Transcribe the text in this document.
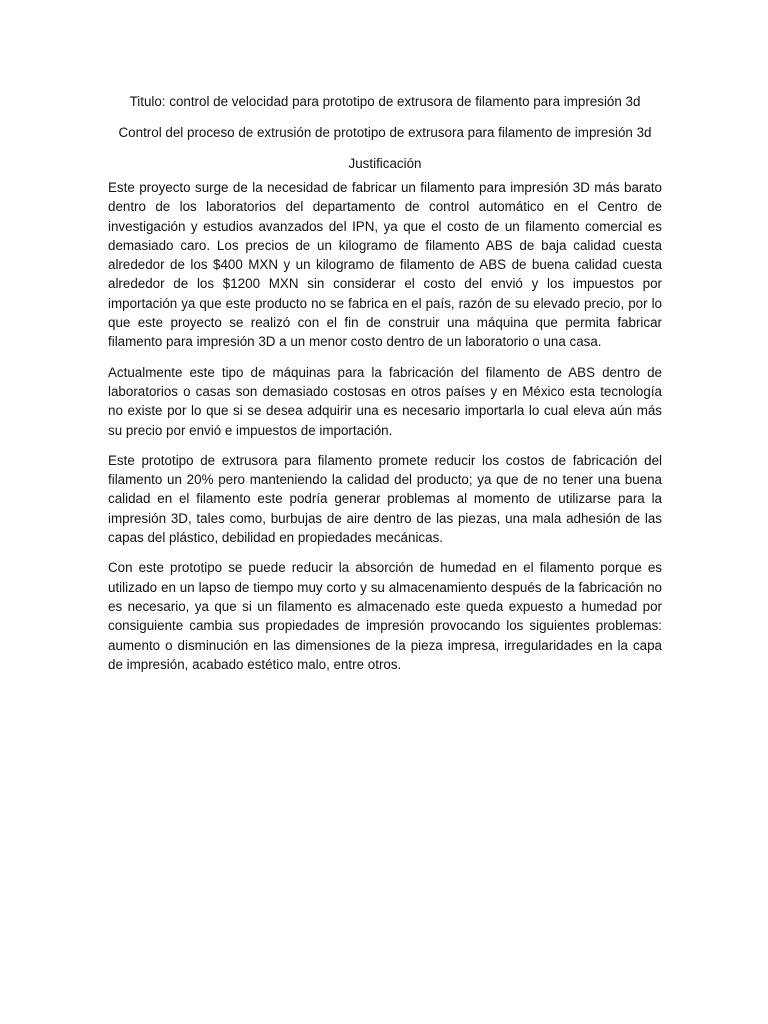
Titulo: control de velocidad para prototipo de extrusora de filamento para impresión 3d

Control del proceso de extrusión de prototipo de extrusora para filamento de impresión 3d

Justificación

Este proyecto surge de la necesidad de fabricar un filamento para impresión 3D más barato dentro de los laboratorios del departamento de control automático en el Centro de investigación y estudios avanzados del IPN, ya que el costo de un filamento comercial es demasiado caro. Los precios de un kilogramo de filamento ABS de baja calidad cuesta alrededor de los $400 MXN y un kilogramo de filamento de ABS de buena calidad cuesta alrededor de los $1200 MXN sin considerar el costo del envió y los impuestos por importación ya que este producto no se fabrica en el país, razón de su elevado precio, por lo que este proyecto se realizó con el fin de construir una máquina que permita fabricar filamento para impresión 3D a un menor costo dentro de un laboratorio o una casa.

Actualmente este tipo de máquinas para la fabricación del filamento de ABS dentro de laboratorios o casas son demasiado costosas en otros países y en México esta tecnología no existe por lo que si se desea adquirir una es necesario importarla lo cual eleva aún más su precio por envió e impuestos de importación.

Este prototipo de extrusora para filamento promete reducir los costos de fabricación del filamento un 20% pero manteniendo la calidad del producto; ya que de no tener una buena calidad en el filamento este podría generar problemas al momento de utilizarse para la impresión 3D, tales como, burbujas de aire dentro de las piezas, una mala adhesión de las capas del plástico, debilidad en propiedades mecánicas.

Con este prototipo se puede reducir la absorción de humedad en el filamento porque es utilizado en un lapso de tiempo muy corto y su almacenamiento después de la fabricación no es necesario, ya que si un filamento es almacenado este queda expuesto a humedad por consiguiente cambia sus propiedades de impresión provocando los siguientes problemas: aumento o disminución en las dimensiones de la pieza impresa, irregularidades en la capa de impresión, acabado estético malo, entre otros.
